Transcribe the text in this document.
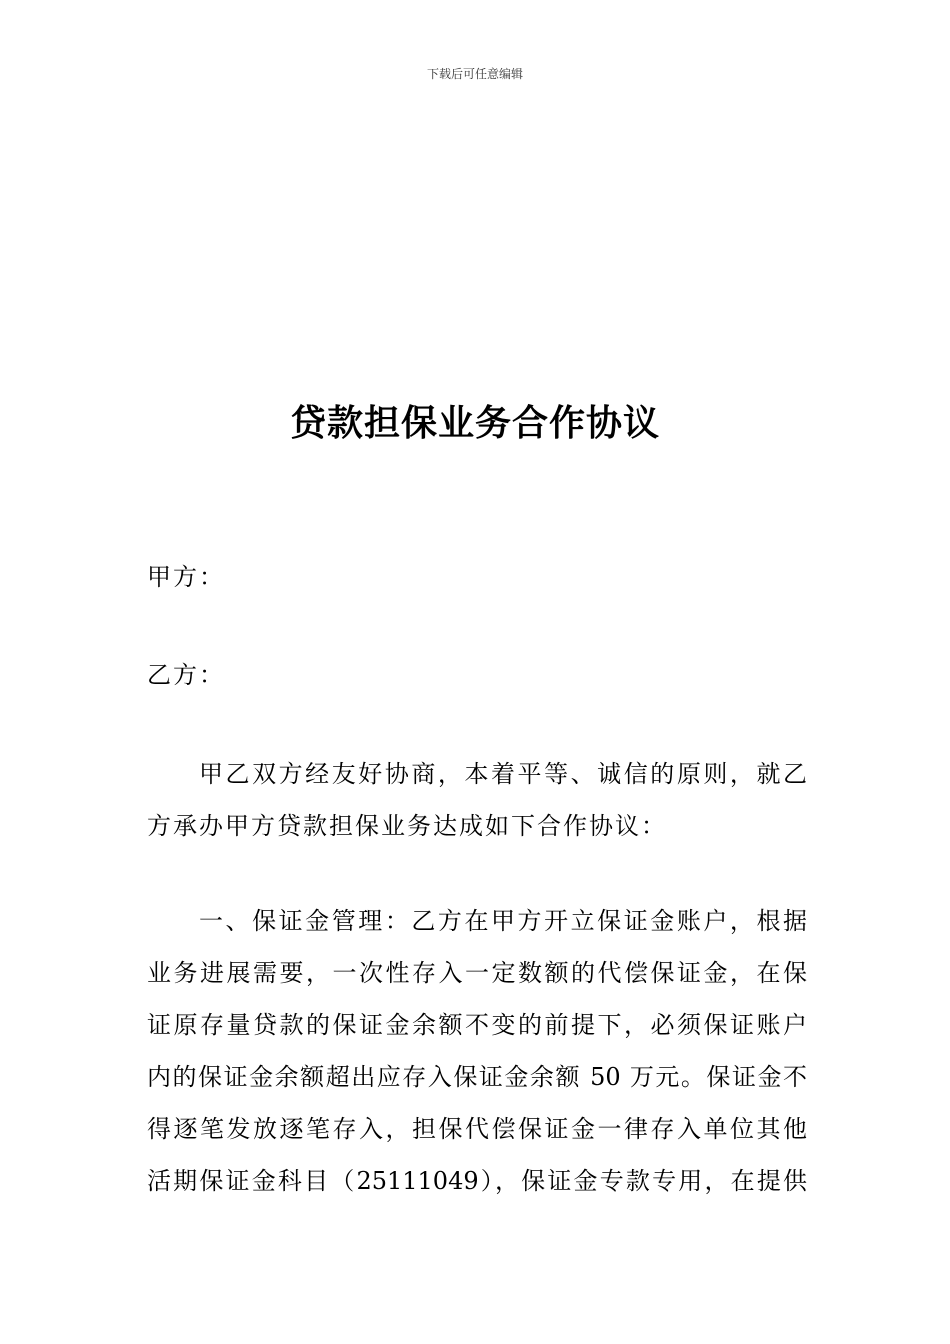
下载后可任意编辑
贷款担保业务合作协议
甲方：
乙方：
甲乙双方经友好协商，本着平等、诚信的原则，就乙
方承办甲方贷款担保业务达成如下合作协议：
一、保证金管理：乙方在甲方开立保证金账户，根据
业务进展需要，一次性存入一定数额的代偿保证金，在保
证原存量贷款的保证金余额不变的前提下，必须保证账户
内的保证金余额超出应存入保证金余额 50 万元。保证金不
得逐笔发放逐笔存入，担保代偿保证金一律存入单位其他
活期保证金科目（25111049），保证金专款专用，在提供
